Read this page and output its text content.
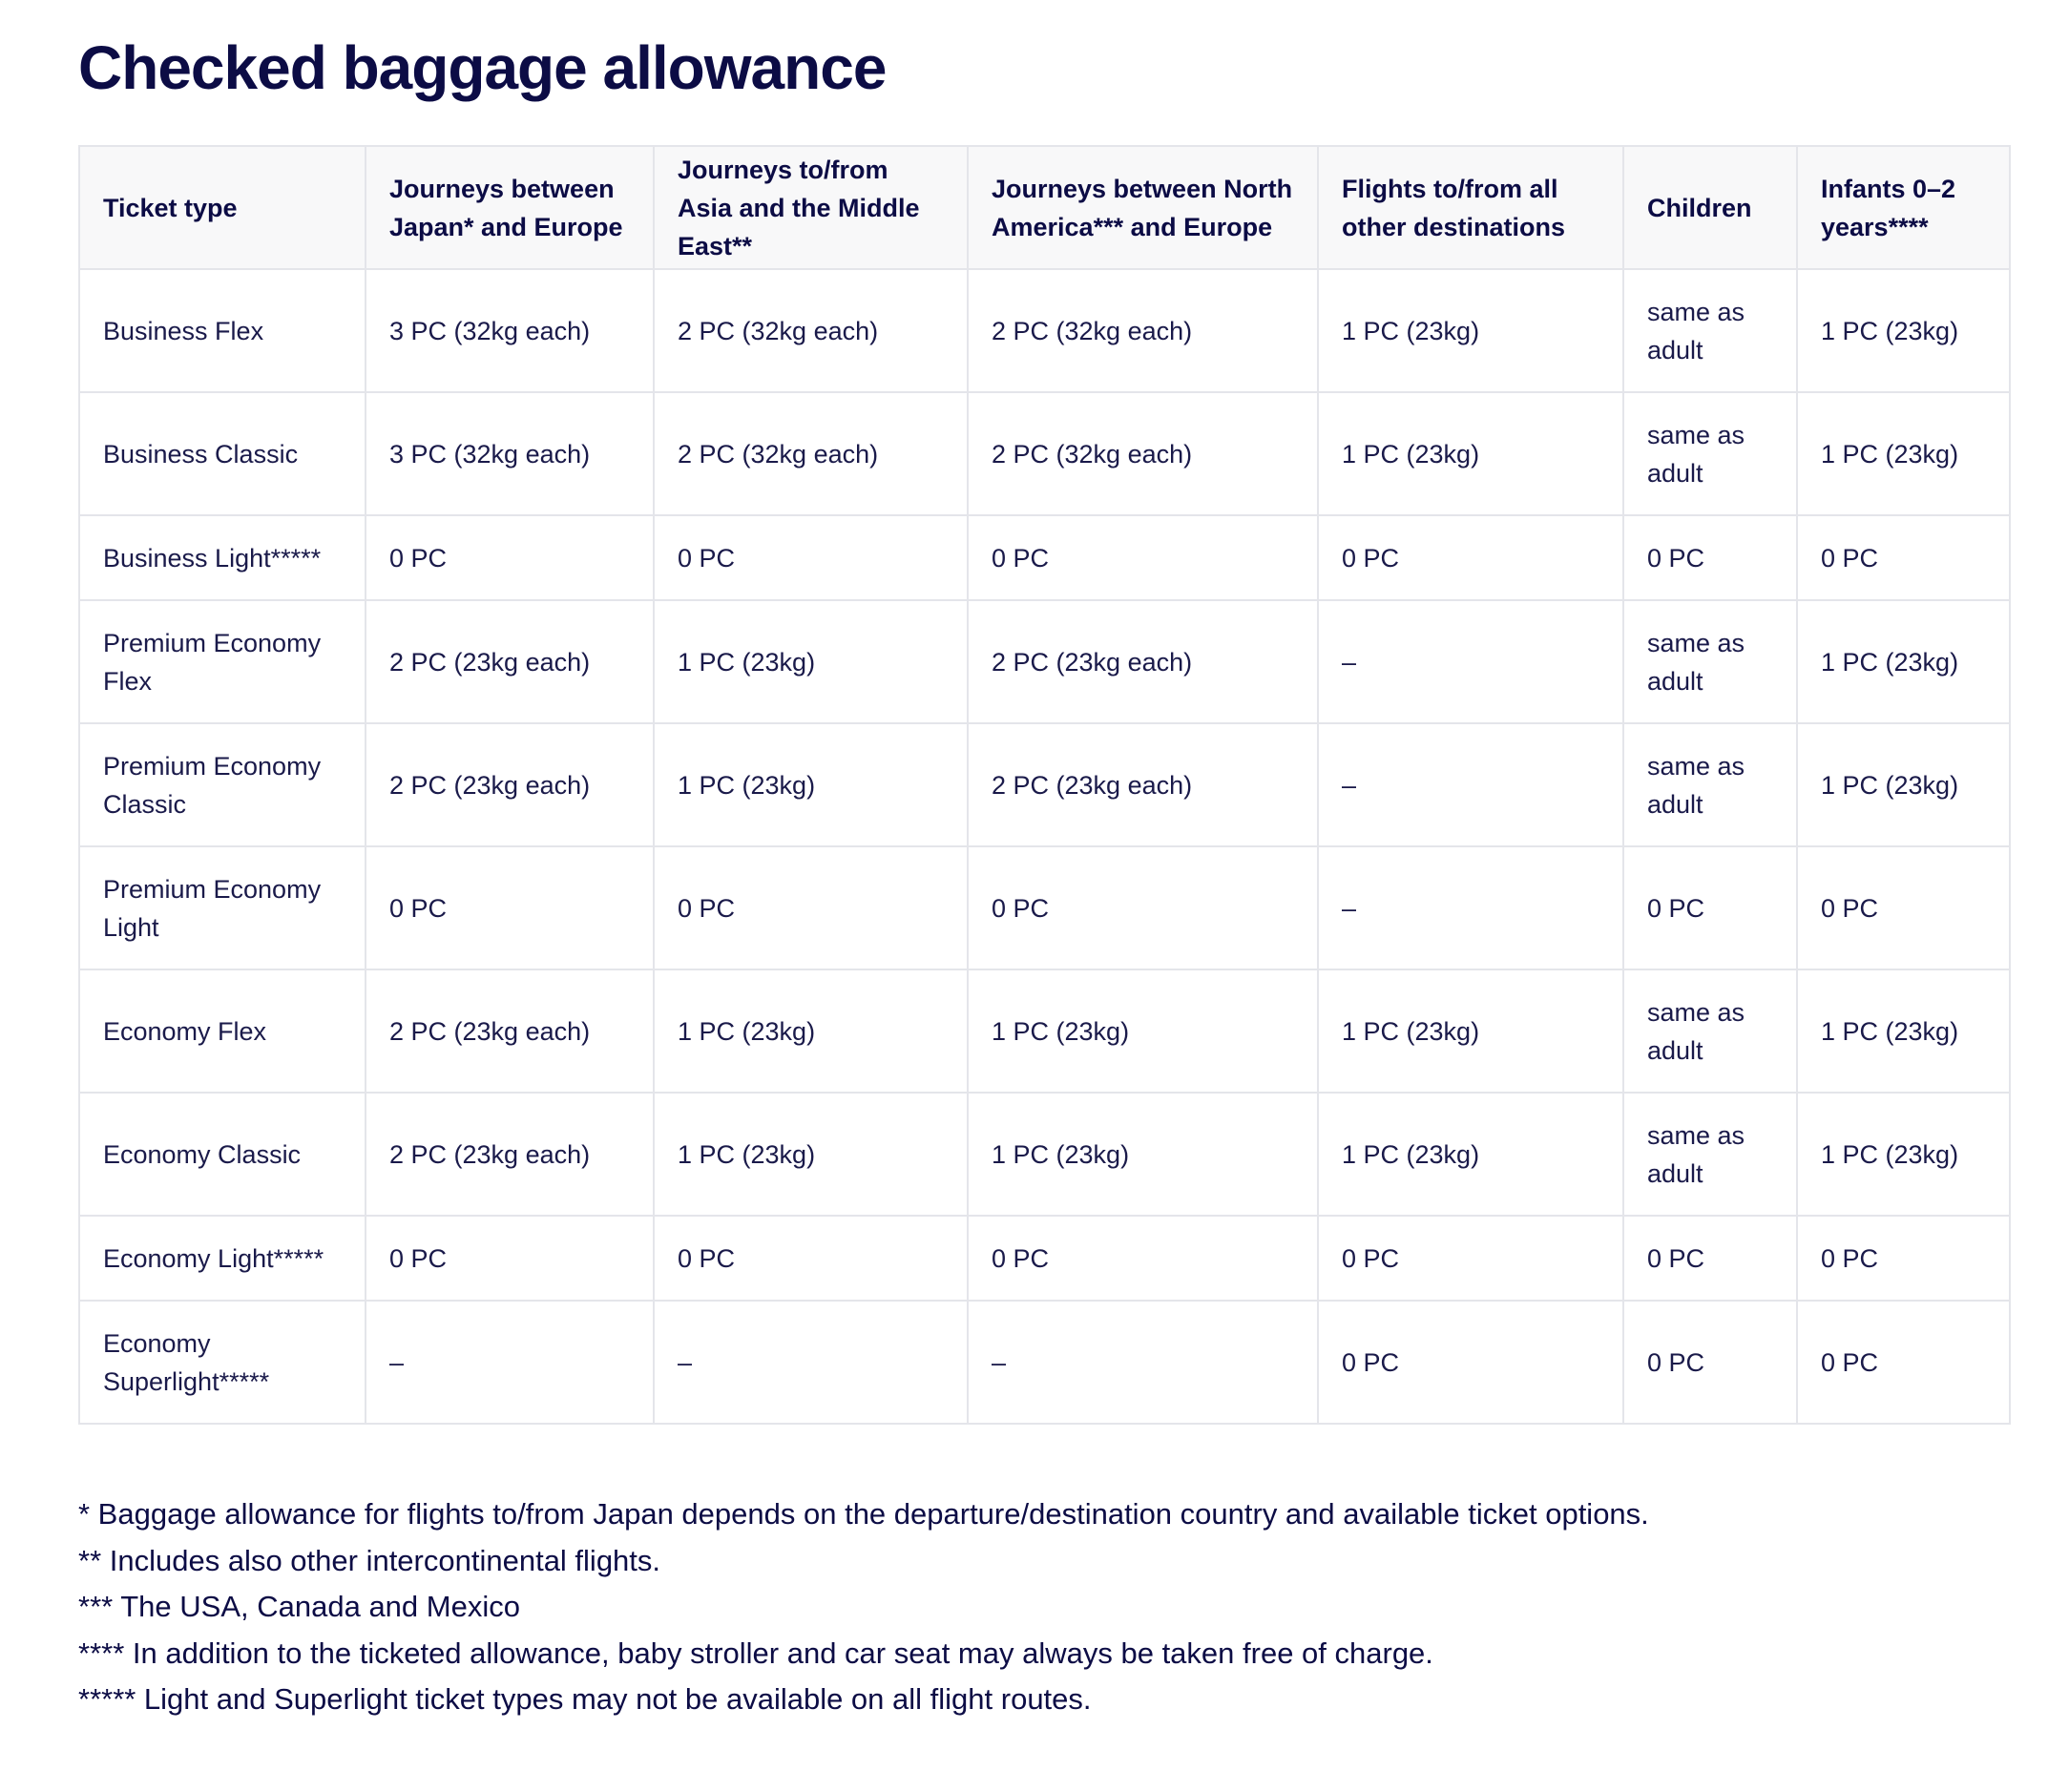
Checked baggage allowance
Ticket type	Journeys between Japan* and Europe	Journeys to/from Asia and the Middle East**	Journeys between North America*** and Europe	Flights to/from all other destinations	Children	Infants 0–2 years****
Business Flex	3 PC (32kg each)	2 PC (32kg each)	2 PC (32kg each)	1 PC (23kg)	same as adult	1 PC (23kg)
Business Classic	3 PC (32kg each)	2 PC (32kg each)	2 PC (32kg each)	1 PC (23kg)	same as adult	1 PC (23kg)
Business Light*****	0 PC	0 PC	0 PC	0 PC	0 PC	0 PC
Premium Economy Flex	2 PC (23kg each)	1 PC (23kg)	2 PC (23kg each)	–	same as adult	1 PC (23kg)
Premium Economy Classic	2 PC (23kg each)	1 PC (23kg)	2 PC (23kg each)	–	same as adult	1 PC (23kg)
Premium Economy Light	0 PC	0 PC	0 PC	–	0 PC	0 PC
Economy Flex	2 PC (23kg each)	1 PC (23kg)	1 PC (23kg)	1 PC (23kg)	same as adult	1 PC (23kg)
Economy Classic	2 PC (23kg each)	1 PC (23kg)	1 PC (23kg)	1 PC (23kg)	same as adult	1 PC (23kg)
Economy Light*****	0 PC	0 PC	0 PC	0 PC	0 PC	0 PC
Economy Superlight*****	–	–	–	0 PC	0 PC	0 PC
* Baggage allowance for flights to/from Japan depends on the departure/destination country and available ticket options.
** Includes also other intercontinental flights.
*** The USA, Canada and Mexico
**** In addition to the ticketed allowance, baby stroller and car seat may always be taken free of charge.
***** Light and Superlight ticket types may not be available on all flight routes.
